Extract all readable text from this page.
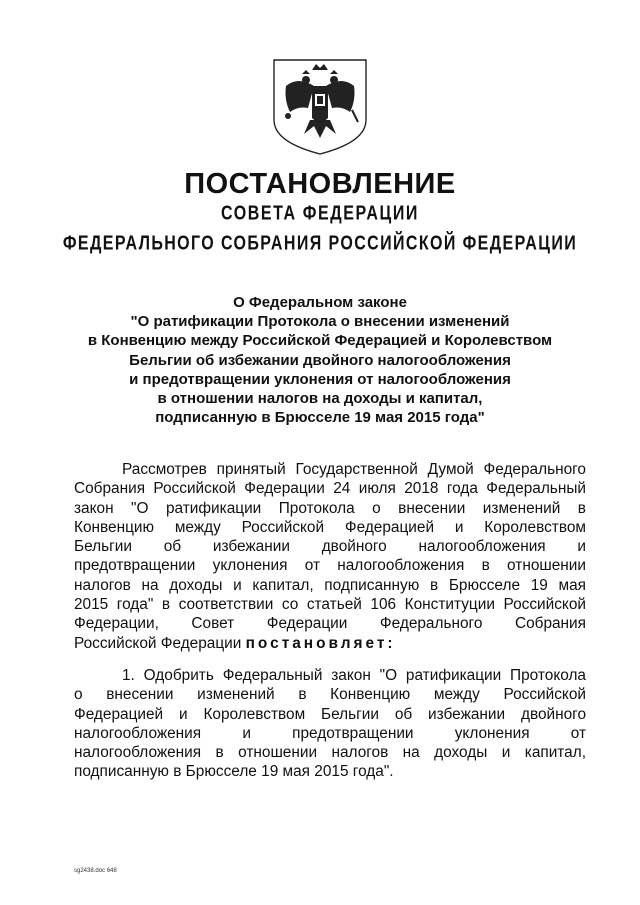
ПОСТАНОВЛЕНИЕ
СОВЕТА ФЕДЕРАЦИИ
ФЕДЕРАЛЬНОГО СОБРАНИЯ РОССИЙСКОЙ ФЕДЕРАЦИИ
О Федеральном законе
"О ратификации Протокола о внесении изменений
в Конвенцию между Российской Федерацией и Королевством
Бельгии об избежании двойного налогообложения
и предотвращении уклонения от налогообложения
в отношении налогов на доходы и капитал,
подписанную в Брюсселе 19 мая 2015 года"
Рассмотрев принятый Государственной Думой Федерального
Собрания Российской Федерации 24 июля 2018 года Федеральный
закон "О ратификации Протокола о внесении изменений в
Конвенцию между Российской Федерацией и Королевством
Бельгии об избежании двойного налогообложения и
предотвращении уклонения от налогообложения в отношении
налогов на доходы и капитал, подписанную в Брюсселе 19 мая
2015 года" в соответствии со статьей 106 Конституции Российской
Федерации, Совет Федерации Федерального Собрания
Российской Федерации постановляет:
1. Одобрить Федеральный закон "О ратификации Протокола
о внесении изменений в Конвенцию между Российской
Федерацией и Королевством Бельгии об избежании двойного
налогообложения и предотвращении уклонения от
налогообложения в отношении налогов на доходы и капитал,
подписанную в Брюсселе 19 мая 2015 года".
sg2438.doc 648
